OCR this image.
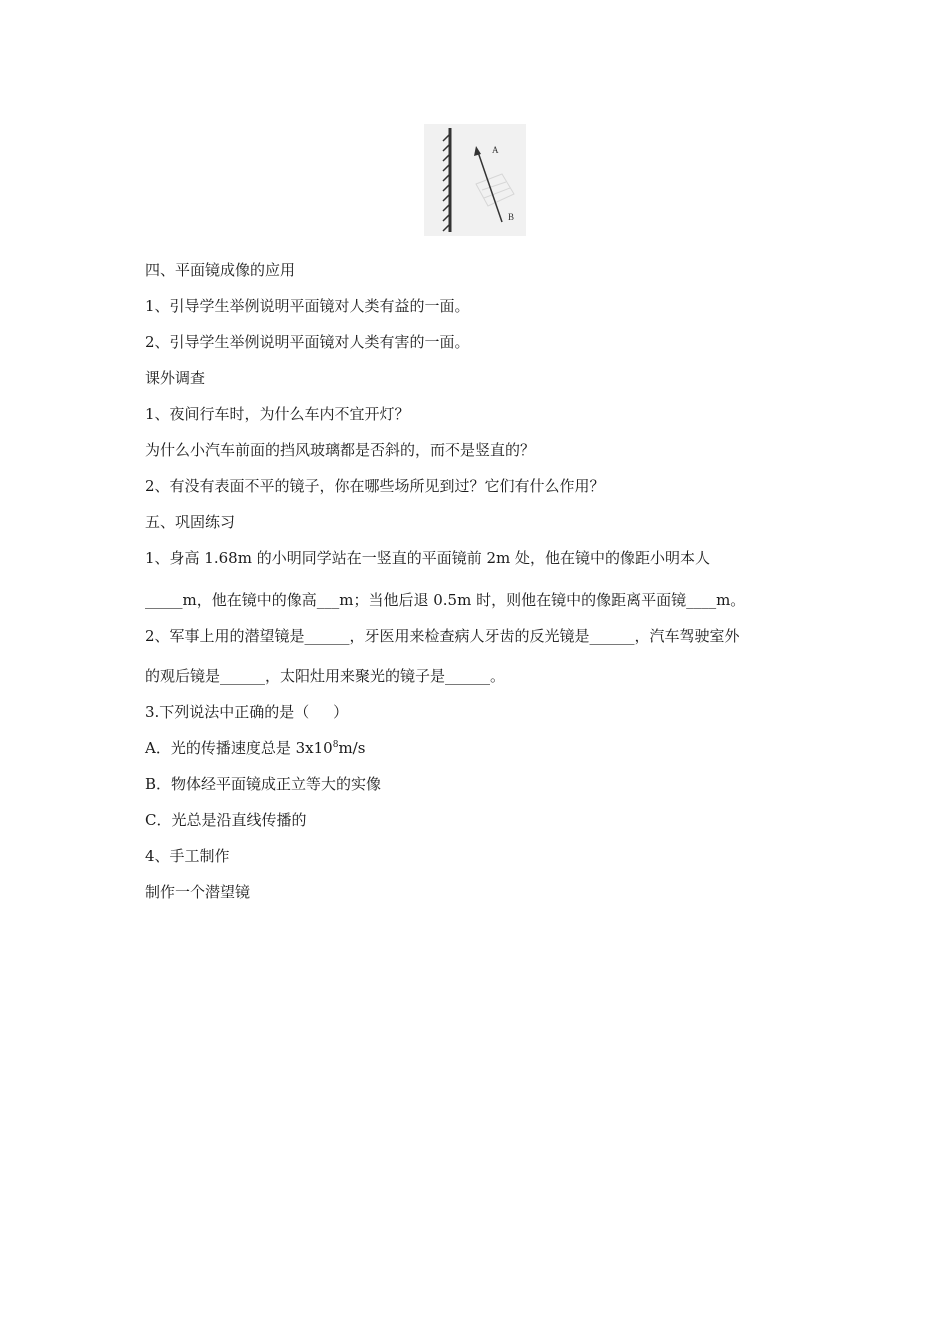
A
B
四、平面镜成像的应用
1、引导学生举例说明平面镜对人类有益的一面。
2、引导学生举例说明平面镜对人类有害的一面。
课外调查
1、夜间行车时，为什么车内不宜开灯？
为什么小汽车前面的挡风玻璃都是否斜的，而不是竖直的？
2、有没有表面不平的镜子，你在哪些场所见到过？它们有什么作用？
五、巩固练习
1、身高 1.68m 的小明同学站在一竖直的平面镜前 2m 处，他在镜中的像距小明本人
_____m，他在镜中的像高___m；当他后退 0.5m 时，则他在镜中的像距离平面镜____m。
2、军事上用的潜望镜是______，牙医用来检查病人牙齿的反光镜是______，汽车驾驶室外
的观后镜是______，太阳灶用来聚光的镜子是______。
3.下列说法中正确的是（     ）
A．光的传播速度总是 $3x10^8m/s$
B．物体经平面镜成正立等大的实像
C．光总是沿直线传播的
4、手工制作
制作一个潜望镜
